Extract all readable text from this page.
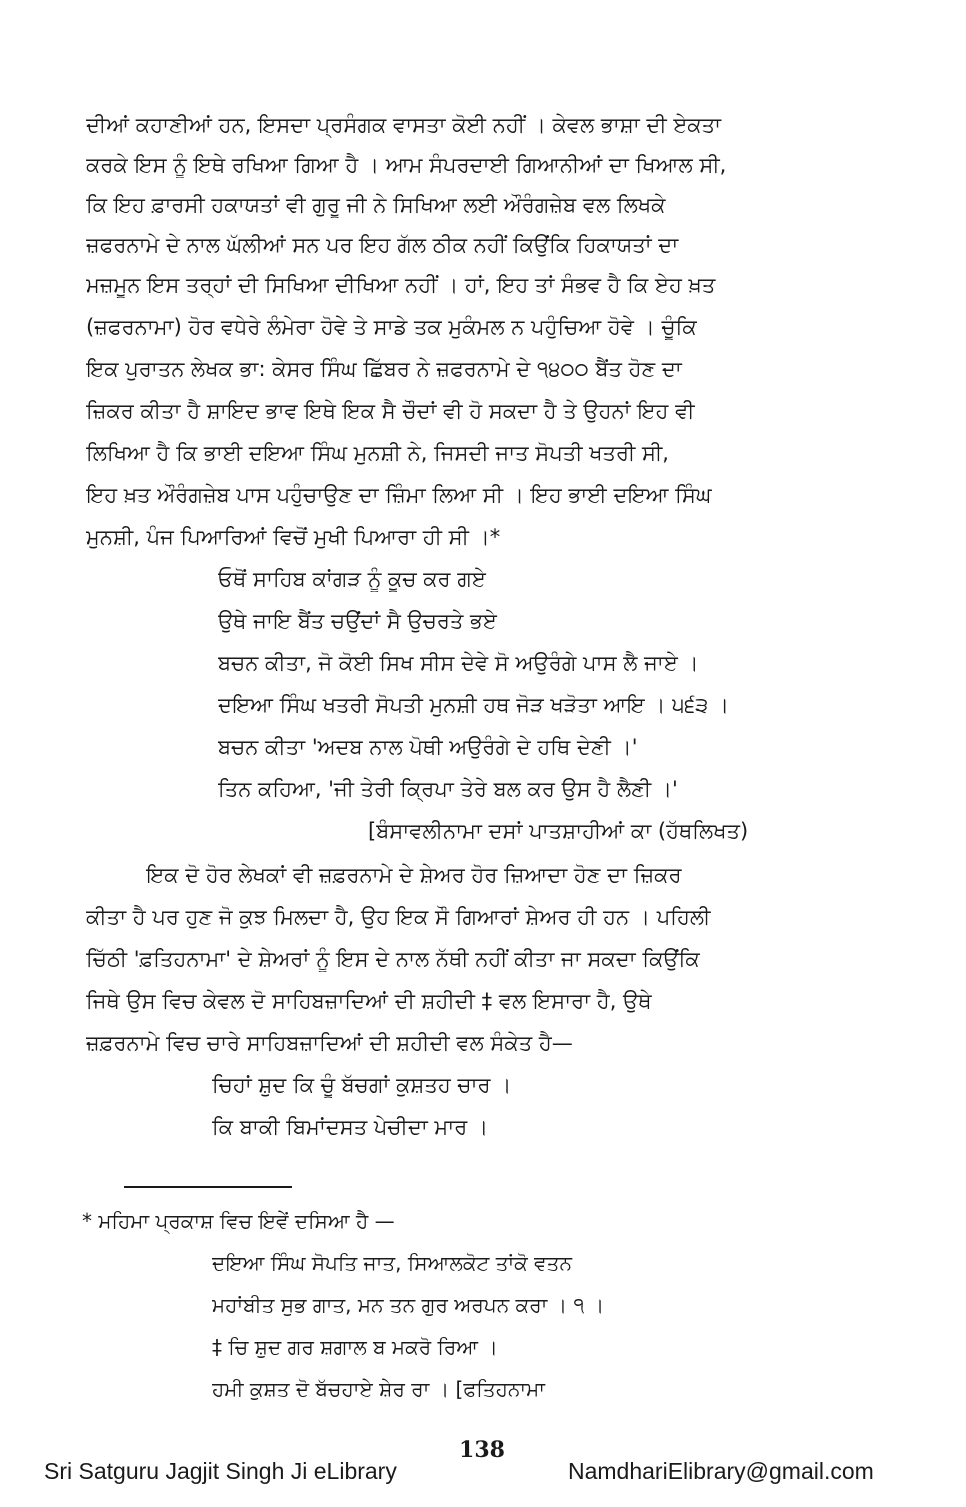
ਦੀਆਂ ਕਹਾਣੀਆਂ ਹਨ, ਇਸਦਾ ਪ੍ਰਸੰਗਕ ਵਾਸਤਾ ਕੋਈ ਨਹੀਂ । ਕੇਵਲ ਭਾਸ਼ਾ ਦੀ ਏਕਤਾ
ਕਰਕੇ ਇਸ ਨੂੰ ਇਥੇ ਰਖਿਆ ਗਿਆ ਹੈ । ਆਮ ਸੰਪਰਦਾਈ ਗਿਆਨੀਆਂ ਦਾ ਖਿਆਲ ਸੀ,
ਕਿ ਇਹ ਫ਼ਾਰਸੀ ਹਕਾਯਤਾਂ ਵੀ ਗੁਰੂ ਜੀ ਨੇ ਸਿਖਿਆ ਲਈ ਔਰੰਗਜ਼ੇਬ ਵਲ ਲਿਖਕੇ
ਜ਼ਫਰਨਾਮੇ ਦੇ ਨਾਲ ਘੱਲੀਆਂ ਸਨ ਪਰ ਇਹ ਗੱਲ ਠੀਕ ਨਹੀਂ ਕਿਉਂਕਿ ਹਿਕਾਯਤਾਂ ਦਾ
ਮਜ਼ਮੂਨ ਇਸ ਤਰ੍ਹਾਂ ਦੀ ਸਿਖਿਆ ਦੀਖਿਆ ਨਹੀਂ । ਹਾਂ, ਇਹ ਤਾਂ ਸੰਭਵ ਹੈ ਕਿ ਏਹ ਖ਼ਤ
(ਜ਼ਫਰਨਾਮਾ) ਹੋਰ ਵਧੇਰੇ ਲੰਮੇਰਾ ਹੋਵੇ ਤੇ ਸਾਡੇ ਤਕ ਮੁਕੰਮਲ ਨ ਪਹੁੰਚਿਆ ਹੋਵੇ । ਚੂੰਕਿ
ਇਕ ਪੁਰਾਤਨ ਲੇਖਕ ਭਾ: ਕੇਸਰ ਸਿੰਘ ਛਿੱਬਰ ਨੇ ਜ਼ਫਰਨਾਮੇ ਦੇ ੧੪੦੦ ਬੈਂਤ ਹੋਣ ਦਾ
ਜ਼ਿਕਰ ਕੀਤਾ ਹੈ ਸ਼ਾਇਦ ਭਾਵ ਇਥੇ ਇਕ ਸੈ ਚੌਦਾਂ ਵੀ ਹੋ ਸਕਦਾ ਹੈ ਤੇ ਉਹਨਾਂ ਇਹ ਵੀ
ਲਿਖਿਆ ਹੈ ਕਿ ਭਾਈ ਦਇਆ ਸਿੰਘ ਮੁਨਸ਼ੀ ਨੇ, ਜਿਸਦੀ ਜਾਤ ਸੋਪਤੀ ਖਤਰੀ ਸੀ,
ਇਹ ਖ਼ਤ ਔਰੰਗਜ਼ੇਬ ਪਾਸ ਪਹੁੰਚਾਉਣ ਦਾ ਜ਼ਿੰਮਾ ਲਿਆ ਸੀ । ਇਹ ਭਾਈ ਦਇਆ ਸਿੰਘ
ਮੁਨਸ਼ੀ, ਪੰਜ ਪਿਆਰਿਆਂ ਵਿਚੋਂ ਮੁਖੀ ਪਿਆਰਾ ਹੀ ਸੀ ।*
ਓਥੋਂ ਸਾਹਿਬ ਕਾਂਗੜ ਨੂੰ ਕੂਚ ਕਰ ਗਏ
ਉਥੇ ਜਾਇ ਬੈਂਤ ਚਉਂਦਾਂ ਸੈ ਉਚਰਤੇ ਭਏ
ਬਚਨ ਕੀਤਾ, ਜੋ ਕੋਈ ਸਿਖ ਸੀਸ ਦੇਵੇ ਸੋ ਅਉਰੰਗੇ ਪਾਸ ਲੈ ਜਾਏ ।
ਦਇਆ ਸਿੰਘ ਖਤਰੀ ਸੋਪਤੀ ਮੁਨਸ਼ੀ ਹਥ ਜੋੜ ਖੜੋਤਾ ਆਇ । ੫੬੩ ।
ਬਚਨ ਕੀਤਾ 'ਅਦਬ ਨਾਲ ਪੋਥੀ ਅਉਰੰਗੇ ਦੇ ਹਥਿ ਦੇਣੀ ।'
ਤਿਨ ਕਹਿਆ, 'ਜੀ ਤੇਰੀ ਕ੍ਰਿਪਾ ਤੇਰੇ ਬਲ ਕਰ ਉਸ ਹੈ ਲੈਣੀ ।'
[ਬੰਸਾਵਲੀਨਾਮਾ ਦਸਾਂ ਪਾਤਸ਼ਾਹੀਆਂ ਕਾ (ਹੱਥਲਿਖਤ)
ਇਕ ਦੋ ਹੋਰ ਲੇਖਕਾਂ ਵੀ ਜ਼ਫ਼ਰਨਾਮੇ ਦੇ ਸ਼ੇਅਰ ਹੋਰ ਜ਼ਿਆਦਾ ਹੋਣ ਦਾ ਜ਼ਿਕਰ
ਕੀਤਾ ਹੈ ਪਰ ਹੁਣ ਜੋ ਕੁਝ ਮਿਲਦਾ ਹੈ, ਉਹ ਇਕ ਸੌ ਗਿਆਰਾਂ ਸ਼ੇਅਰ ਹੀ ਹਨ । ਪਹਿਲੀ
ਚਿੱਠੀ 'ਫ਼ਤਿਹਨਾਮਾ' ਦੇ ਸ਼ੇਅਰਾਂ ਨੂੰ ਇਸ ਦੇ ਨਾਲ ਨੱਥੀ ਨਹੀਂ ਕੀਤਾ ਜਾ ਸਕਦਾ ਕਿਉਂਕਿ
ਜਿਥੇ ਉਸ ਵਿਚ ਕੇਵਲ ਦੋ ਸਾਹਿਬਜ਼ਾਦਿਆਂ ਦੀ ਸ਼ਹੀਦੀ ‡ ਵਲ ਇਸਾਰਾ ਹੈ, ਉਥੇ
ਜ਼ਫ਼ਰਨਾਮੇ ਵਿਚ ਚਾਰੇ ਸਾਹਿਬਜ਼ਾਦਿਆਂ ਦੀ ਸ਼ਹੀਦੀ ਵਲ ਸੰਕੇਤ ਹੈ—
ਚਿਹਾਂ ਸ਼ੁਦ ਕਿ ਚੂੰ ਬੱਚਗਾਂ ਕੁਸ਼ਤਹ ਚਾਰ ।
ਕਿ ਬਾਕੀ ਬਿਮਾਂਦਸਤ ਪੇਚੀਦਾ ਮਾਰ ।
* ਮਹਿਮਾ ਪ੍ਰਕਾਸ਼ ਵਿਚ ਇਵੇਂ ਦਸਿਆ ਹੈ —
ਦਇਆ ਸਿੰਘ ਸੋਪਤਿ ਜਾਤ, ਸਿਆਲਕੋਟ ਤਾਂਕੋ ਵਤਨ
ਮਹਾਂਬੀਤ ਸੁਭ ਗਾਤ, ਮਨ ਤਨ ਗੁਰ ਅਰਪਨ ਕਰਾ । ੧ ।
‡ ਚਿ ਸ਼ੁਦ ਗਰ ਸ਼ਗਾਲ ਬ ਮਕਰੋ ਰਿਆ ।
ਹਮੀ ਕੁਸ਼ਤ ਦੋ ਬੱਚਹਾਏ ਸ਼ੇਰ ਰਾ । [ਫਤਿਹਨਾਮਾ
138
Sri Satguru Jagjit Singh Ji eLibrary	NamdhariElibrary@gmail.com
